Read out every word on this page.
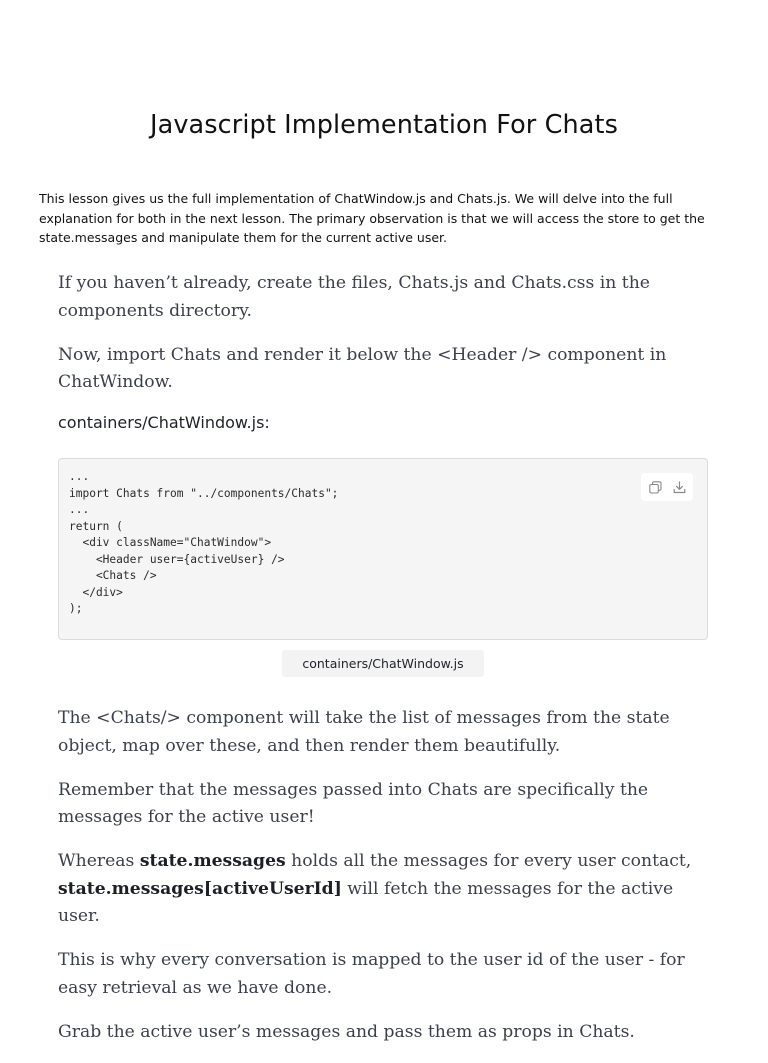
Javascript Implementation For Chats

This lesson gives us the full implementation of ChatWindow.js and Chats.js. We will delve into the full explanation for both in the next lesson. The primary observation is that we will access the store to get the state.messages and manipulate them for the current active user.

If you haven’t already, create the files, Chats.js and Chats.css in the components directory.

Now, import Chats and render it below the <Header /> component in ChatWindow.

containers/ChatWindow.js:
...
import Chats from "../components/Chats";
...
return (
<div className="ChatWindow">
<Header user={activeUser} />
<Chats />
</div>
);
containers/ChatWindow.js

The <Chats/> component will take the list of messages from the state object, map over these, and then render them beautifully.

Remember that the messages passed into Chats are specifically the messages for the active user!

Whereas state.messages holds all the messages for every user contact, state.messages[activeUserId] will fetch the messages for the active user.

This is why every conversation is mapped to the user id of the user - for easy retrieval as we have done.

Grab the active user’s messages and pass them as props in Chats.
